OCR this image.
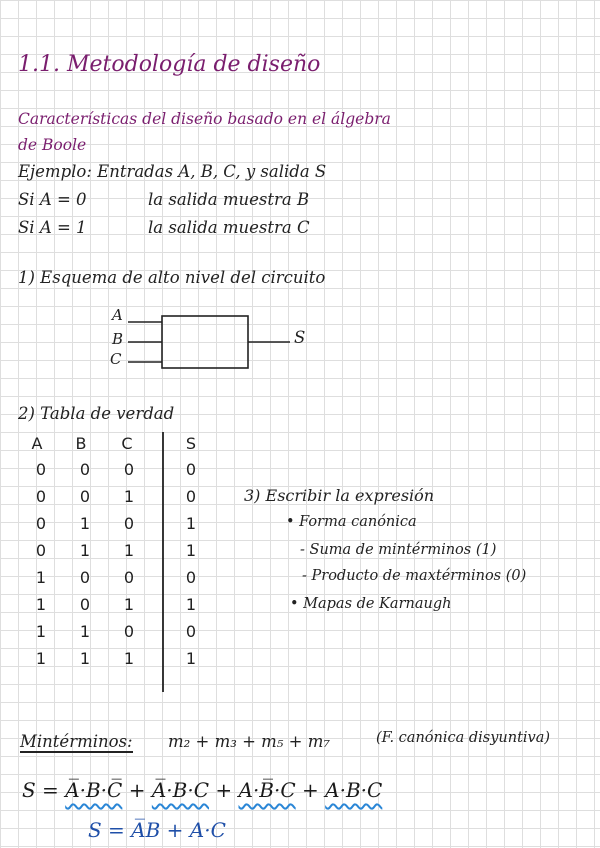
1.1. Metodología de diseño
Características del diseño basado en el álgebra
de Boole
Ejemplo: Entradas A, B, C, y salida S
Si A = 0	la salida muestra B
Si A = 1	la salida muestra C
1) Esquema de alto nivel del circuito
A
B
C
S
2) Tabla de verdad
A	B	C	S
0	0	0	0
0	0	1	0
0	1	0	1
0	1	1	1
1	0	0	0
1	0	1	1
1	1	0	0
1	1	1	1
3) Escribir la expresión
• Forma canónica
- Suma de mintérminos (1)
- Producto de maxtérminos (0)
• Mapas de Karnaugh
Mintérminos: m₂ + m₃ + m₅ + m₇	(F. canónica disyuntiva)
S = A̅·B·C̅ + A̅·B·C + A·B̅·C + A·B·C
S = A̅B + A·C
